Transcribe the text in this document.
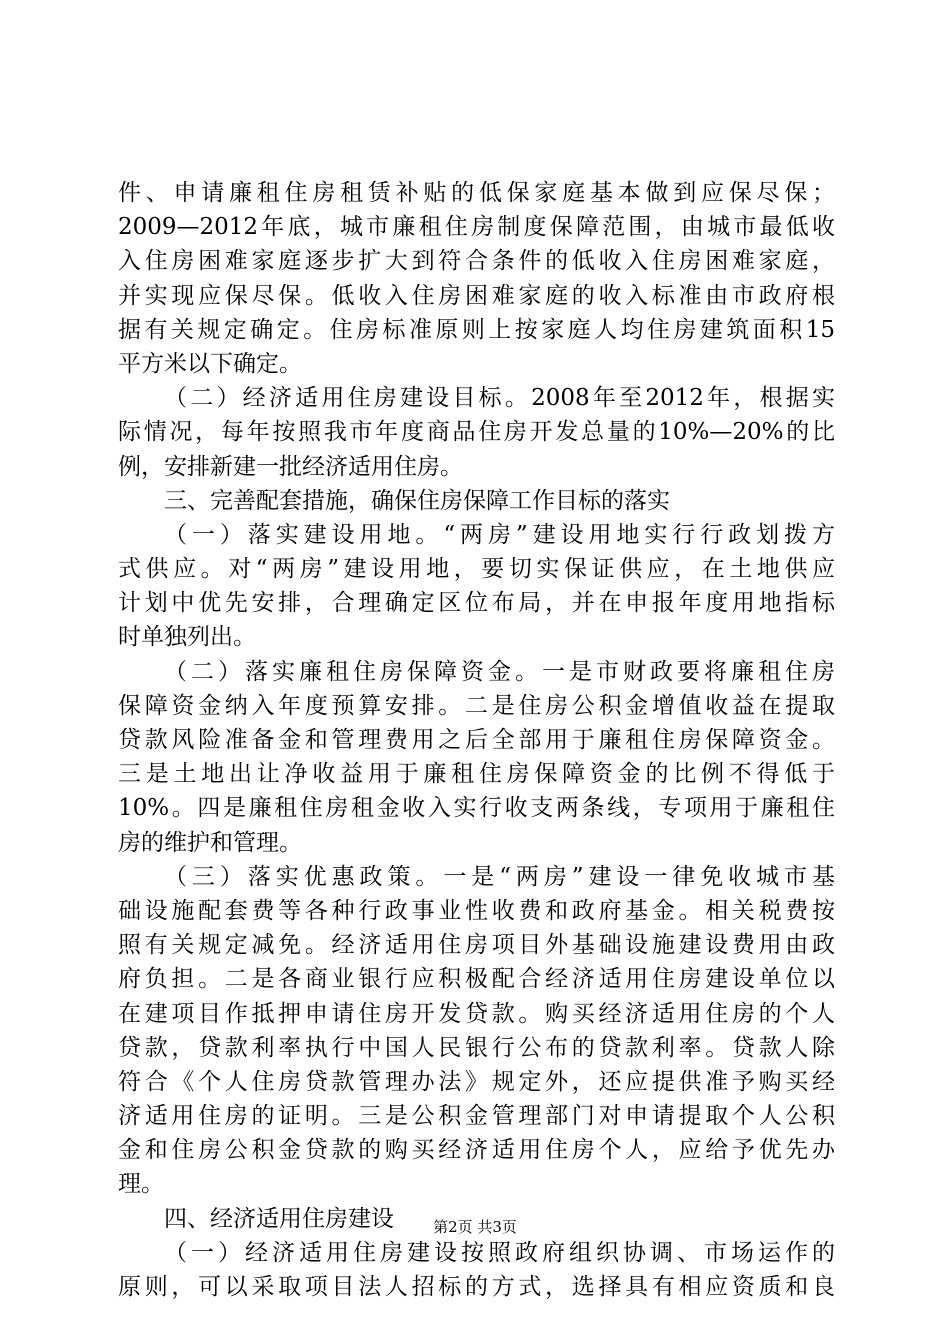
件、申请廉租住房租赁补贴的低保家庭基本做到应保尽保；
2009—2012年底，城市廉租住房制度保障范围，由城市最低收
入住房困难家庭逐步扩大到符合条件的低收入住房困难家庭，
并实现应保尽保。低收入住房困难家庭的收入标准由市政府根
据有关规定确定。住房标准原则上按家庭人均住房建筑面积15
平方米以下确定。
（二）经济适用住房建设目标。2008年至2012年，根据实
际情况，每年按照我市年度商品住房开发总量的10%—20%的比
例，安排新建一批经济适用住房。
三、完善配套措施，确保住房保障工作目标的落实
（一）落实建设用地。“两房”建设用地实行行政划拨方
式供应。对“两房”建设用地，要切实保证供应，在土地供应
计划中优先安排，合理确定区位布局，并在申报年度用地指标
时单独列出。
（二）落实廉租住房保障资金。一是市财政要将廉租住房
保障资金纳入年度预算安排。二是住房公积金增值收益在提取
贷款风险准备金和管理费用之后全部用于廉租住房保障资金。
三是土地出让净收益用于廉租住房保障资金的比例不得低于
10%。四是廉租住房租金收入实行收支两条线，专项用于廉租住
房的维护和管理。
（三）落实优惠政策。一是“两房”建设一律免收城市基
础设施配套费等各种行政事业性收费和政府基金。相关税费按
照有关规定减免。经济适用住房项目外基础设施建设费用由政
府负担。二是各商业银行应积极配合经济适用住房建设单位以
在建项目作抵押申请住房开发贷款。购买经济适用住房的个人
贷款，贷款利率执行中国人民银行公布的贷款利率。贷款人除
符合《个人住房贷款管理办法》规定外，还应提供准予购买经
济适用住房的证明。三是公积金管理部门对申请提取个人公积
金和住房公积金贷款的购买经济适用住房个人，应给予优先办
理。
四、经济适用住房建设
（一）经济适用住房建设按照政府组织协调、市场运作的
原则，可以采取项目法人招标的方式，选择具有相应资质和良
第2页 共3页
